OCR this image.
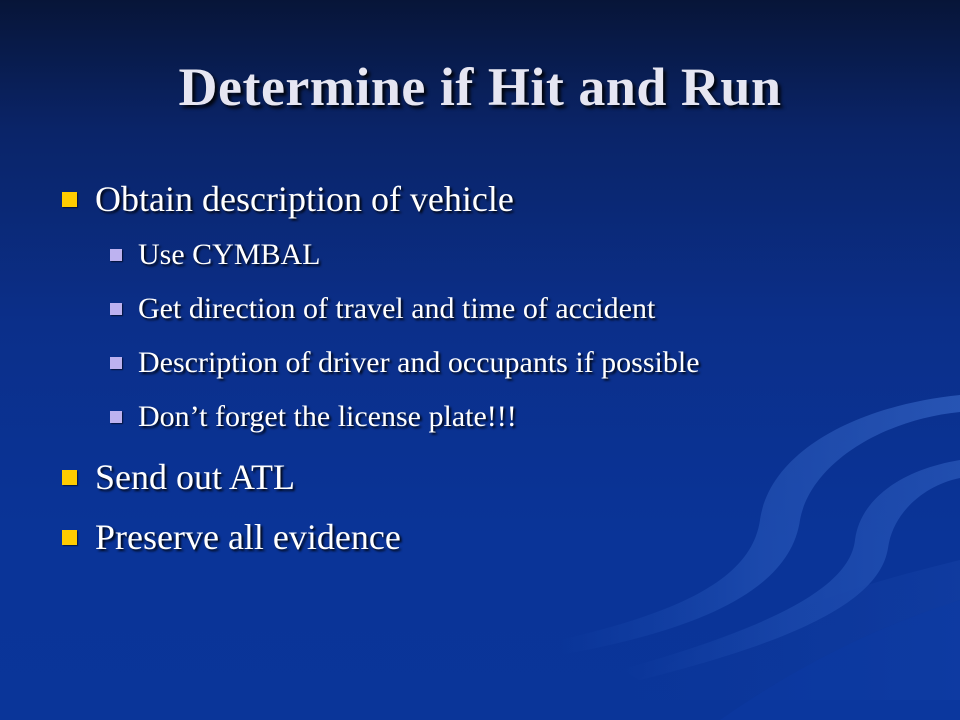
Determine if Hit and Run
Obtain description of vehicle
Use CYMBAL
Get direction of travel and time of accident
Description of driver and occupants if possible
Don’t forget the license plate!!!
Send out ATL
Preserve all evidence
